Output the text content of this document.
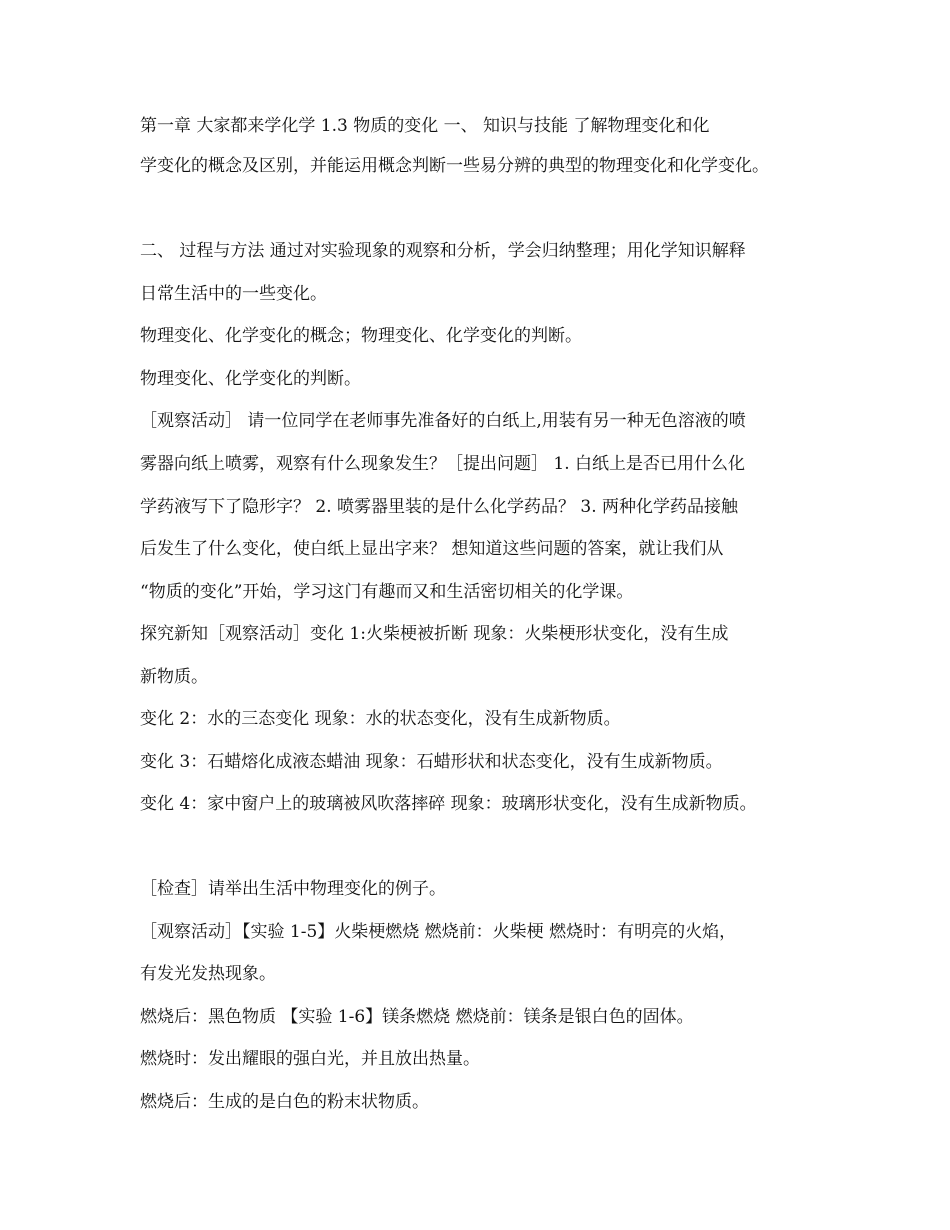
第一章 大家都来学化学 1.3 物质的变化 一、 知识与技能 了解物理变化和化

学变化的概念及区别，并能运用概念判断一些易分辨的典型的物理变化和化学变化。

二、 过程与方法 通过对实验现象的观察和分析，学会归纳整理；用化学知识解释

日常生活中的一些变化。

物理变化、化学变化的概念；物理变化、化学变化的判断。

物理变化、化学变化的判断。

［观察活动］ 请一位同学在老师事先准备好的白纸上,用装有另一种无色溶液的喷

雾器向纸上喷雾，观察有什么现象发生？［提出问题］ 1. 白纸上是否已用什么化

学药液写下了隐形字？ 2. 喷雾器里装的是什么化学药品？ 3. 两种化学药品接触

后发生了什么变化，使白纸上显出字来？ 想知道这些问题的答案，就让我们从

“物质的变化”开始，学习这门有趣而又和生活密切相关的化学课。

探究新知［观察活动］变化 1:火柴梗被折断 现象：火柴梗形状变化，没有生成

新物质。

变化 2：水的三态变化 现象：水的状态变化，没有生成新物质。

变化 3：石蜡熔化成液态蜡油 现象：石蜡形状和状态变化，没有生成新物质。

变化 4：家中窗户上的玻璃被风吹落摔碎 现象：玻璃形状变化，没有生成新物质。

［检查］请举出生活中物理变化的例子。

［观察活动］【实验 1-5】火柴梗燃烧 燃烧前：火柴梗 燃烧时：有明亮的火焰，

有发光发热现象。

燃烧后：黑色物质 【实验 1-6】镁条燃烧 燃烧前：镁条是银白色的固体。

燃烧时：发出耀眼的强白光，并且放出热量。

燃烧后：生成的是白色的粉末状物质。
